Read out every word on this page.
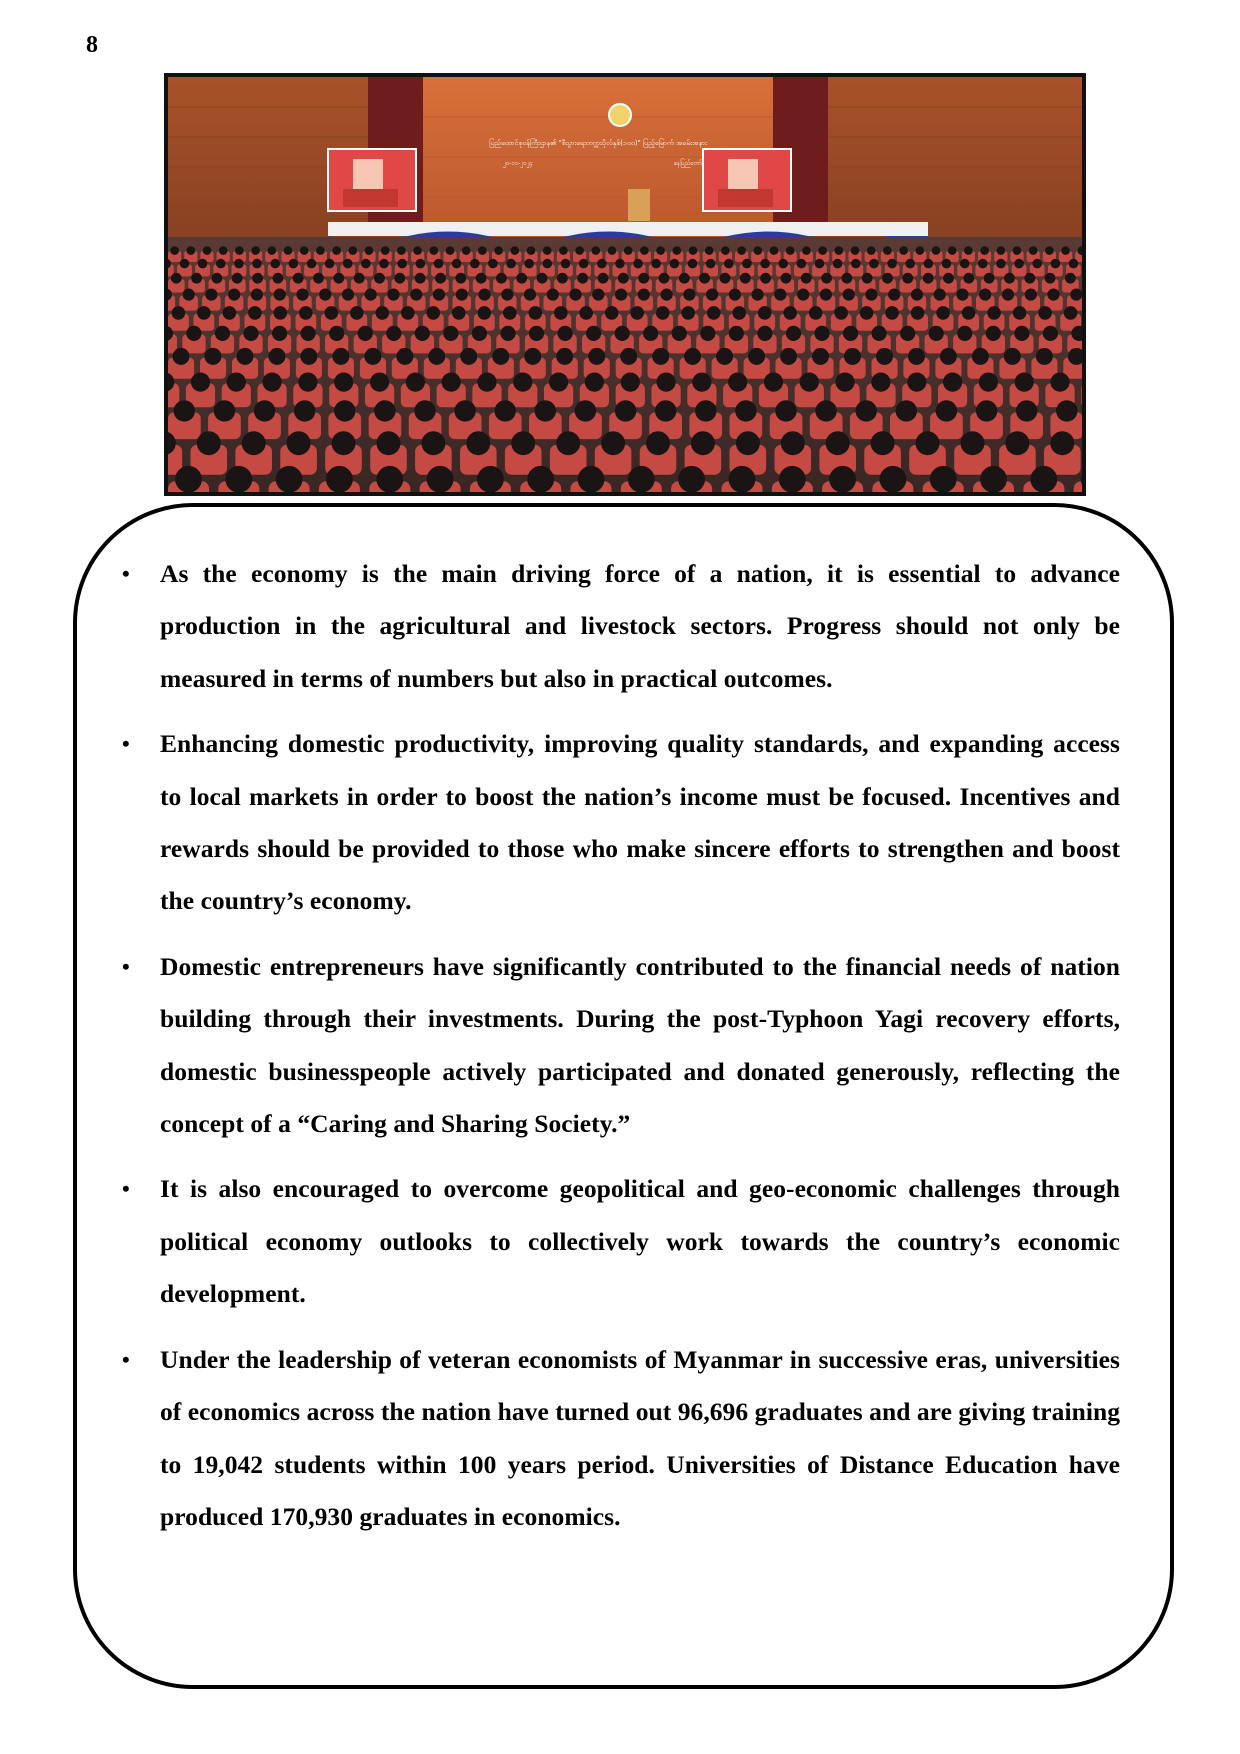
8
ပြည်ထောင်စုဝန်ကြီးဌာန၏ "စီးပွားရေးတက္ကသိုလ်နှစ်(၁၀၀)" ပြည့်မြောက် အခမ်းအနား
၂၀-၁၁-၂၀၂၄	နေပြည်တော်
• As the economy is the main driving force of a nation, it is essential to advance production in the agricultural and livestock sectors. Progress should not only be measured in terms of numbers but also in practical outcomes.
• Enhancing domestic productivity, improving quality standards, and expanding access to local markets in order to boost the nation’s income must be focused. Incentives and rewards should be provided to those who make sincere efforts to strengthen and boost the country’s economy.
• Domestic entrepreneurs have significantly contributed to the financial needs of nation building through their investments. During the post-Typhoon Yagi recovery efforts, domestic businesspeople actively participated and donated generously, reflecting the concept of a “Caring and Sharing Society.”
• It is also encouraged to overcome geopolitical and geo-economic challenges through political economy outlooks to collectively work towards the country’s economic development.
• Under the leadership of veteran economists of Myanmar in successive eras, universities of economics across the nation have turned out 96,696 graduates and are giving training to 19,042 students within 100 years period. Universities of Distance Education have produced 170,930 graduates in economics.
